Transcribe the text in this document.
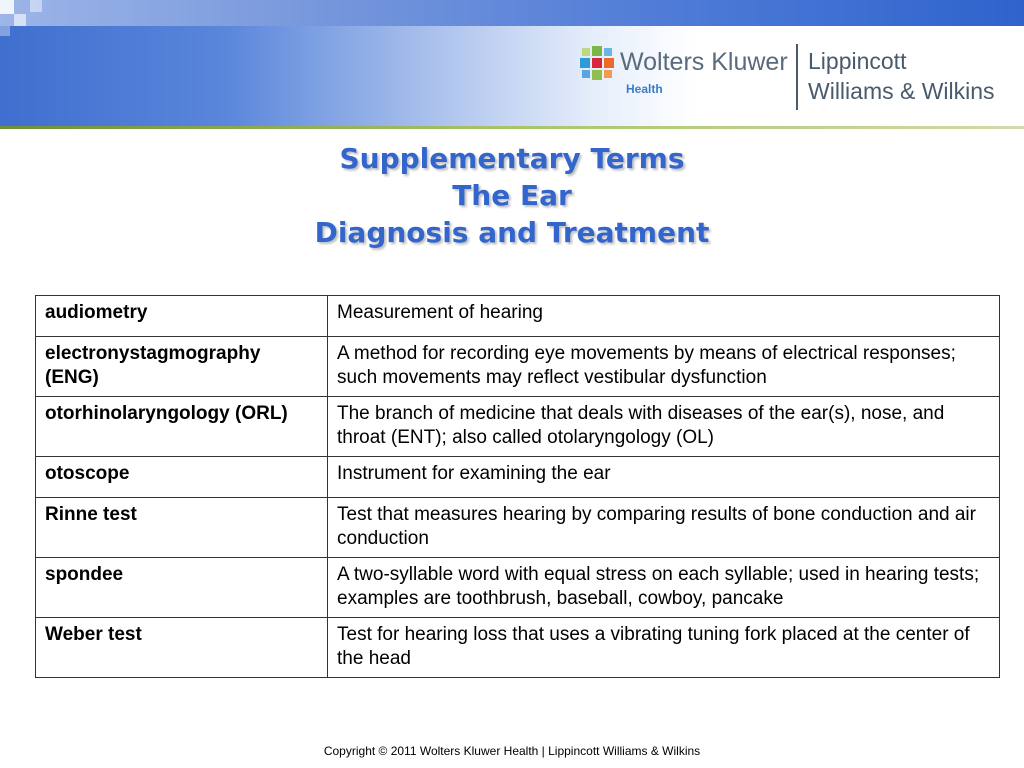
Wolters Kluwer
Health
Lippincott
Williams & Wilkins
Supplementary Terms
The Ear
Diagnosis and Treatment
audiometry	Measurement of hearing
electronystagmography (ENG)	A method for recording eye movements by means of electrical responses; such movements may reflect vestibular dysfunction
otorhinolaryngology (ORL)	The branch of medicine that deals with diseases of the ear(s), nose, and throat (ENT); also called otolaryngology (OL)
otoscope	Instrument for examining the ear
Rinne test	Test that measures hearing by comparing results of bone conduction and air conduction
spondee	A two-syllable word with equal stress on each syllable; used in hearing tests; examples are toothbrush, baseball, cowboy, pancake
Weber test	Test for hearing loss that uses a vibrating tuning fork placed at the center of the head
Copyright © 2011 Wolters Kluwer Health | Lippincott Williams & Wilkins
